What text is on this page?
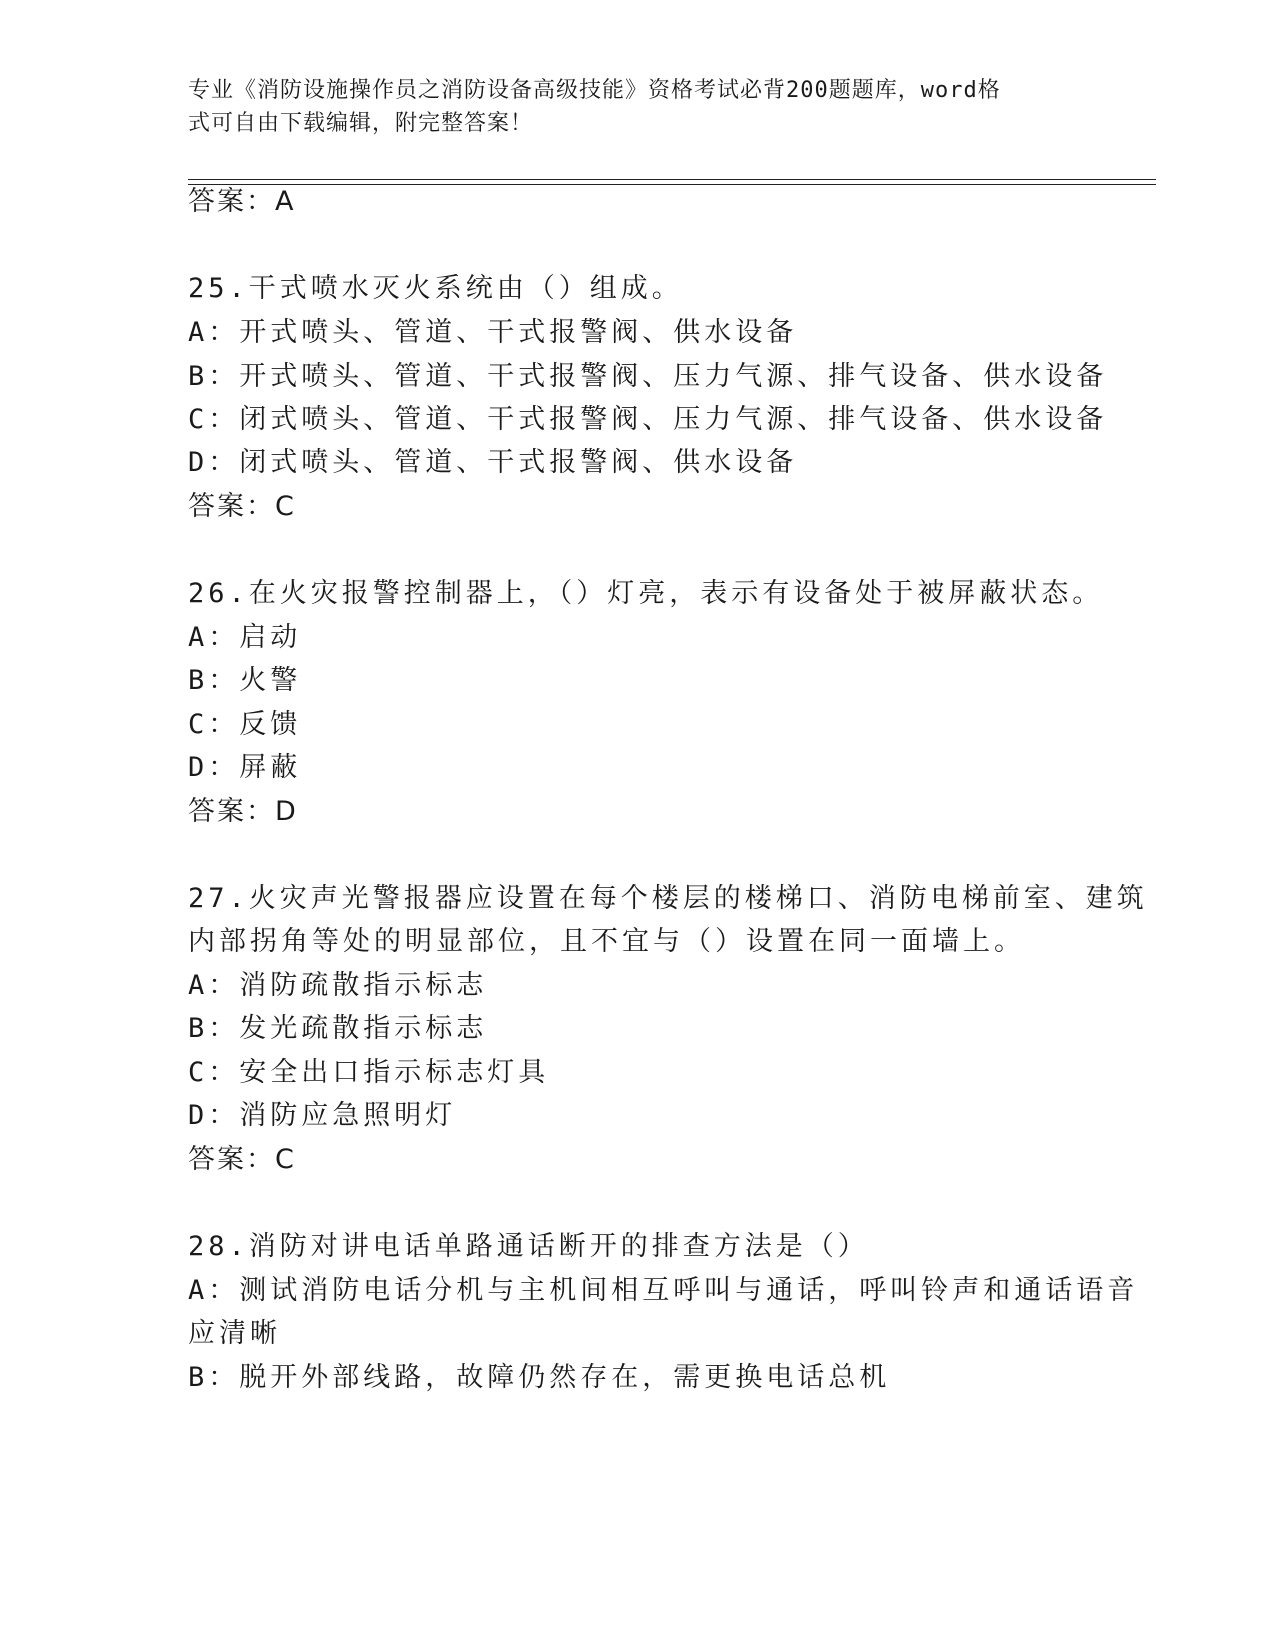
专业《消防设施操作员之消防设备高级技能》资格考试必背200题题库，word格
式可自由下载编辑，附完整答案！
答案：A
25.干式喷水灭火系统由（）组成。
A：开式喷头、管道、干式报警阀、供水设备
B：开式喷头、管道、干式报警阀、压力气源、排气设备、供水设备
C：闭式喷头、管道、干式报警阀、压力气源、排气设备、供水设备
D：闭式喷头、管道、干式报警阀、供水设备
答案：C
26.在火灾报警控制器上，（）灯亮，表示有设备处于被屏蔽状态。
A：启动
B：火警
C：反馈
D：屏蔽
答案：D
27.火灾声光警报器应设置在每个楼层的楼梯口、消防电梯前室、建筑
内部拐角等处的明显部位，且不宜与（）设置在同一面墙上。
A：消防疏散指示标志
B：发光疏散指示标志
C：安全出口指示标志灯具
D：消防应急照明灯
答案：C
28.消防对讲电话单路通话断开的排查方法是（）
A：测试消防电话分机与主机间相互呼叫与通话，呼叫铃声和通话语音
应清晰
B：脱开外部线路，故障仍然存在，需更换电话总机
